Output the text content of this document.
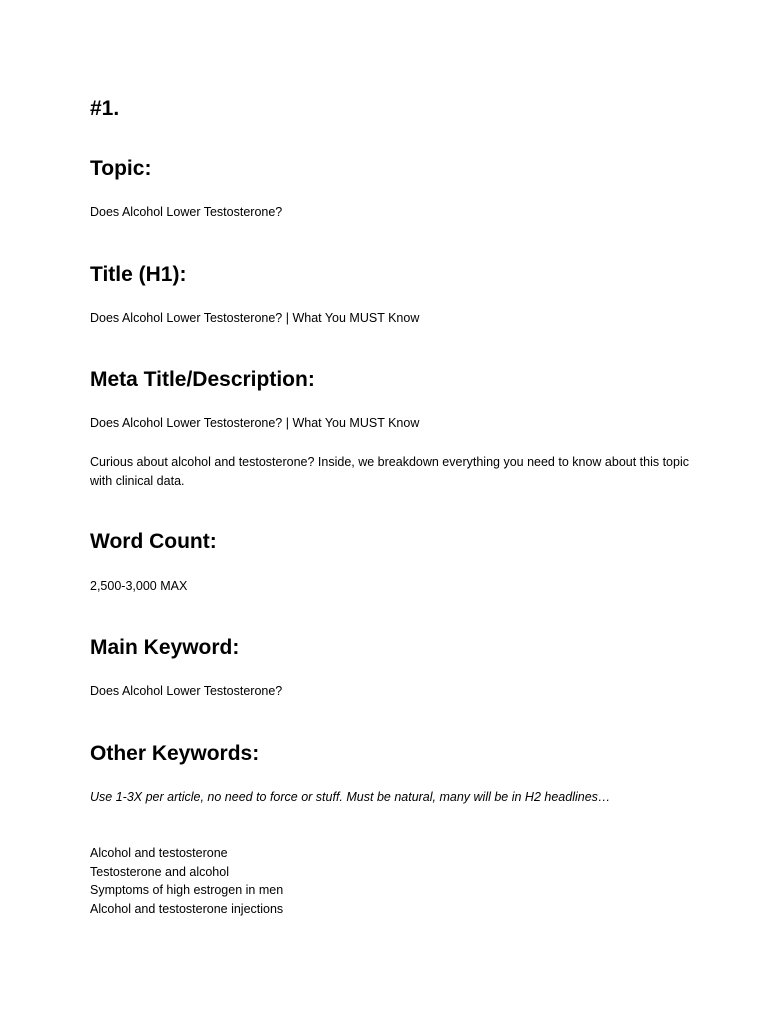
#1.
Topic:

Does Alcohol Lower Testosterone?

Title (H1):

Does Alcohol Lower Testosterone? | What You MUST Know

Meta Title/Description:

Does Alcohol Lower Testosterone? | What You MUST Know

Curious about alcohol and testosterone? Inside, we breakdown everything you need to know about this topic with clinical data.

Word Count:

2,500-3,000 MAX

Main Keyword:

Does Alcohol Lower Testosterone?

Other Keywords:

Use 1-3X per article, no need to force or stuff. Must be natural, many will be in H2 headlines…

Alcohol and testosterone
Testosterone and alcohol
Symptoms of high estrogen in men
Alcohol and testosterone injections
